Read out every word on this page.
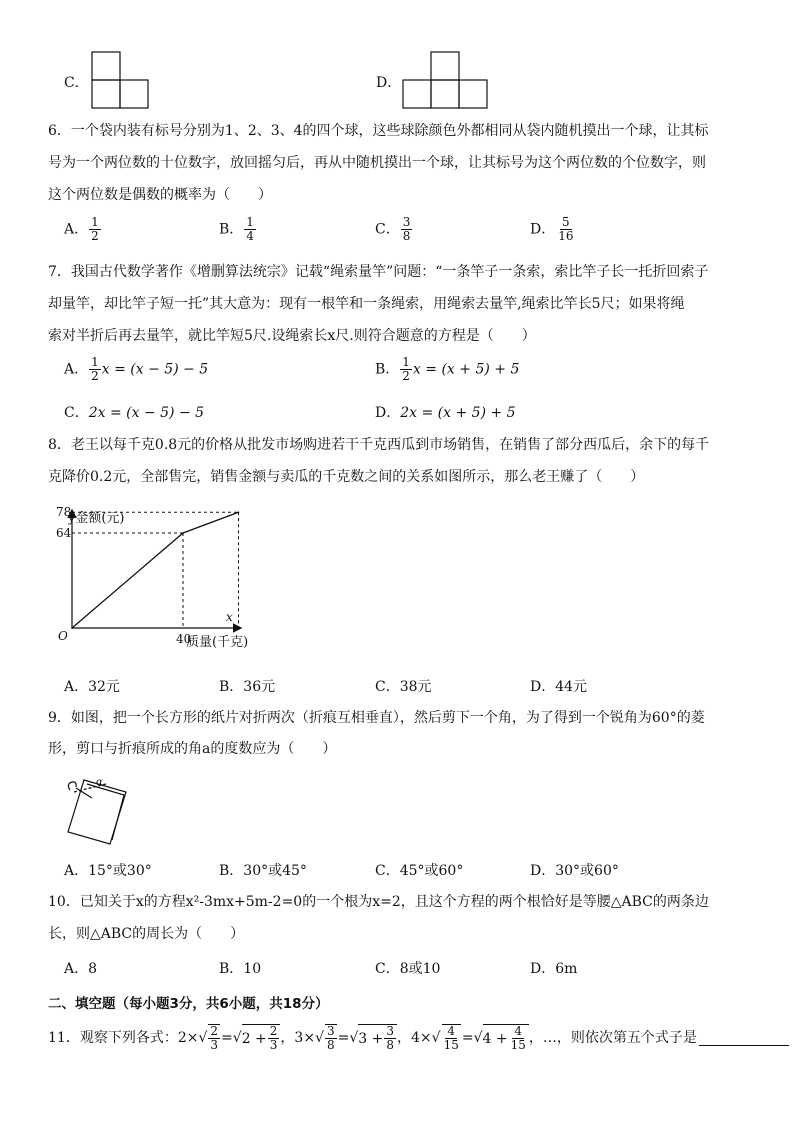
C．	D．
6．一个袋内装有标号分别为1、2、3、4的四个球，这些球除颜色外都相同从袋内随机摸出一个球，让其标
号为一个两位数的十位数字，放回摇匀后，再从中随机摸出一个球，让其标号为这个两位数的个位数字，则
这个两位数是偶数的概率为（　　）
A． $\frac{1}{2}$	B． $\frac{1}{4}$	C． $\frac{3}{8}$	D． $\frac{5}{16}$
7．我国古代数学著作《增删算法统宗》记载“绳索量竿”问题：“一条竿子一条索，索比竿子长一托折回索子
却量竿，却比竿子短一托”其大意为：现有一根竿和一条绳索，用绳索去量竿,绳索比竿长5尺；如果将绳
索对半折后再去量竿，就比竿短5尺.设绳索长x尺.则符合题意的方程是（　　）
A． $\frac{1}{2}$ x = (x − 5) − 5	B． $\frac{1}{2}$ x = (x + 5) + 5
C．2x = (x − 5) − 5	D．2x = (x + 5) + 5
8．老王以每千克0.8元的价格从批发市场购进若干千克西瓜到市场销售，在销售了部分西瓜后，余下的每千
克降价0.2元，全部售完，销售金额与卖瓜的千克数之间的关系如图所示，那么老王赚了（　　）
y金额(元)
x
质量(千克)
O
78
64
40
A．32元	B．36元	C．38元	D．44元
9．如图，把一个长方形的纸片对折两次（折痕互相垂直），然后剪下一个角，为了得到一个锐角为60°的菱
形，剪口与折痕所成的角a的度数应为（　　）
α
A．15°或30°	B．30°或45°	C．45°或60°	D．30°或60°
10．已知关于x的方程x²-3mx+5m-2=0的一个根为x=2，且这个方程的两个根恰好是等腰△ABC的两条边
长，则△ABC的周长为（　　）
A．8	B．10	C．8或10	D．6m
二、填空题（每小题3分，共6小题，共18分）
11．观察下列各式： 2× √ $\frac{2}{3}$ = √ $2 + \frac{2}{3}$ ， 3× √ $\frac{3}{8}$ = √ $3 + \frac{3}{8}$ ， 4× √ $\frac{4}{15}$ = √ $4 + \frac{4}{15}$ ，…，则依次第五个式子是
